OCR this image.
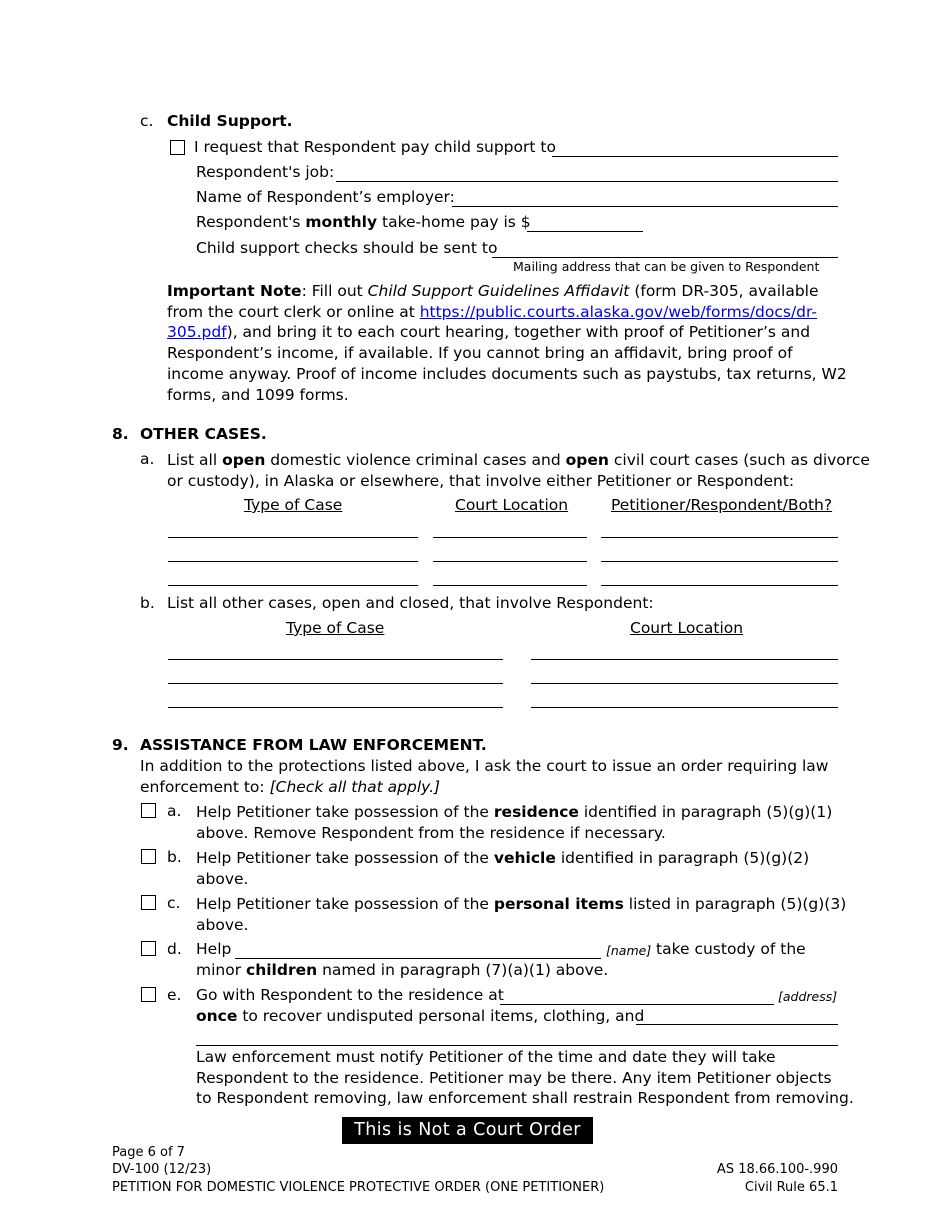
c. Child Support.
I request that Respondent pay child support to
Respondent's job:
Name of Respondent’s employer:
Respondent's monthly take-home pay is $
Child support checks should be sent to
Mailing address that can be given to Respondent
Important Note: Fill out Child Support Guidelines Affidavit (form DR-305, available
from the court clerk or online at https://public.courts.alaska.gov/web/forms/docs/dr-
305.pdf), and bring it to each court hearing, together with proof of Petitioner’s and
Respondent’s income, if available. If you cannot bring an affidavit, bring proof of
income anyway. Proof of income includes documents such as paystubs, tax returns, W2
forms, and 1099 forms.
8. OTHER CASES.
a. List all open domestic violence criminal cases and open civil court cases (such as divorce
or custody), in Alaska or elsewhere, that involve either Petitioner or Respondent:
Type of Case	Court Location	Petitioner/Respondent/Both?
b. List all other cases, open and closed, that involve Respondent:
Type of Case	Court Location
9. ASSISTANCE FROM LAW ENFORCEMENT.
In addition to the protections listed above, I ask the court to issue an order requiring law
enforcement to: [Check all that apply.]
a. Help Petitioner take possession of the residence identified in paragraph (5)(g)(1)
above. Remove Respondent from the residence if necessary.
b. Help Petitioner take possession of the vehicle identified in paragraph (5)(g)(2)
above.
c. Help Petitioner take possession of the personal items listed in paragraph (5)(g)(3)
above.
d. Help	[name] take custody of the
minor children named in paragraph (7)(a)(1) above.
e. Go with Respondent to the residence at	[address]
once to recover undisputed personal items, clothing, and
Law enforcement must notify Petitioner of the time and date they will take
Respondent to the residence. Petitioner may be there. Any item Petitioner objects
to Respondent removing, law enforcement shall restrain Respondent from removing.
This is Not a Court Order
Page 6 of 7
DV-100 (12/23)
PETITION FOR DOMESTIC VIOLENCE PROTECTIVE ORDER (ONE PETITIONER)
AS 18.66.100-.990
Civil Rule 65.1
